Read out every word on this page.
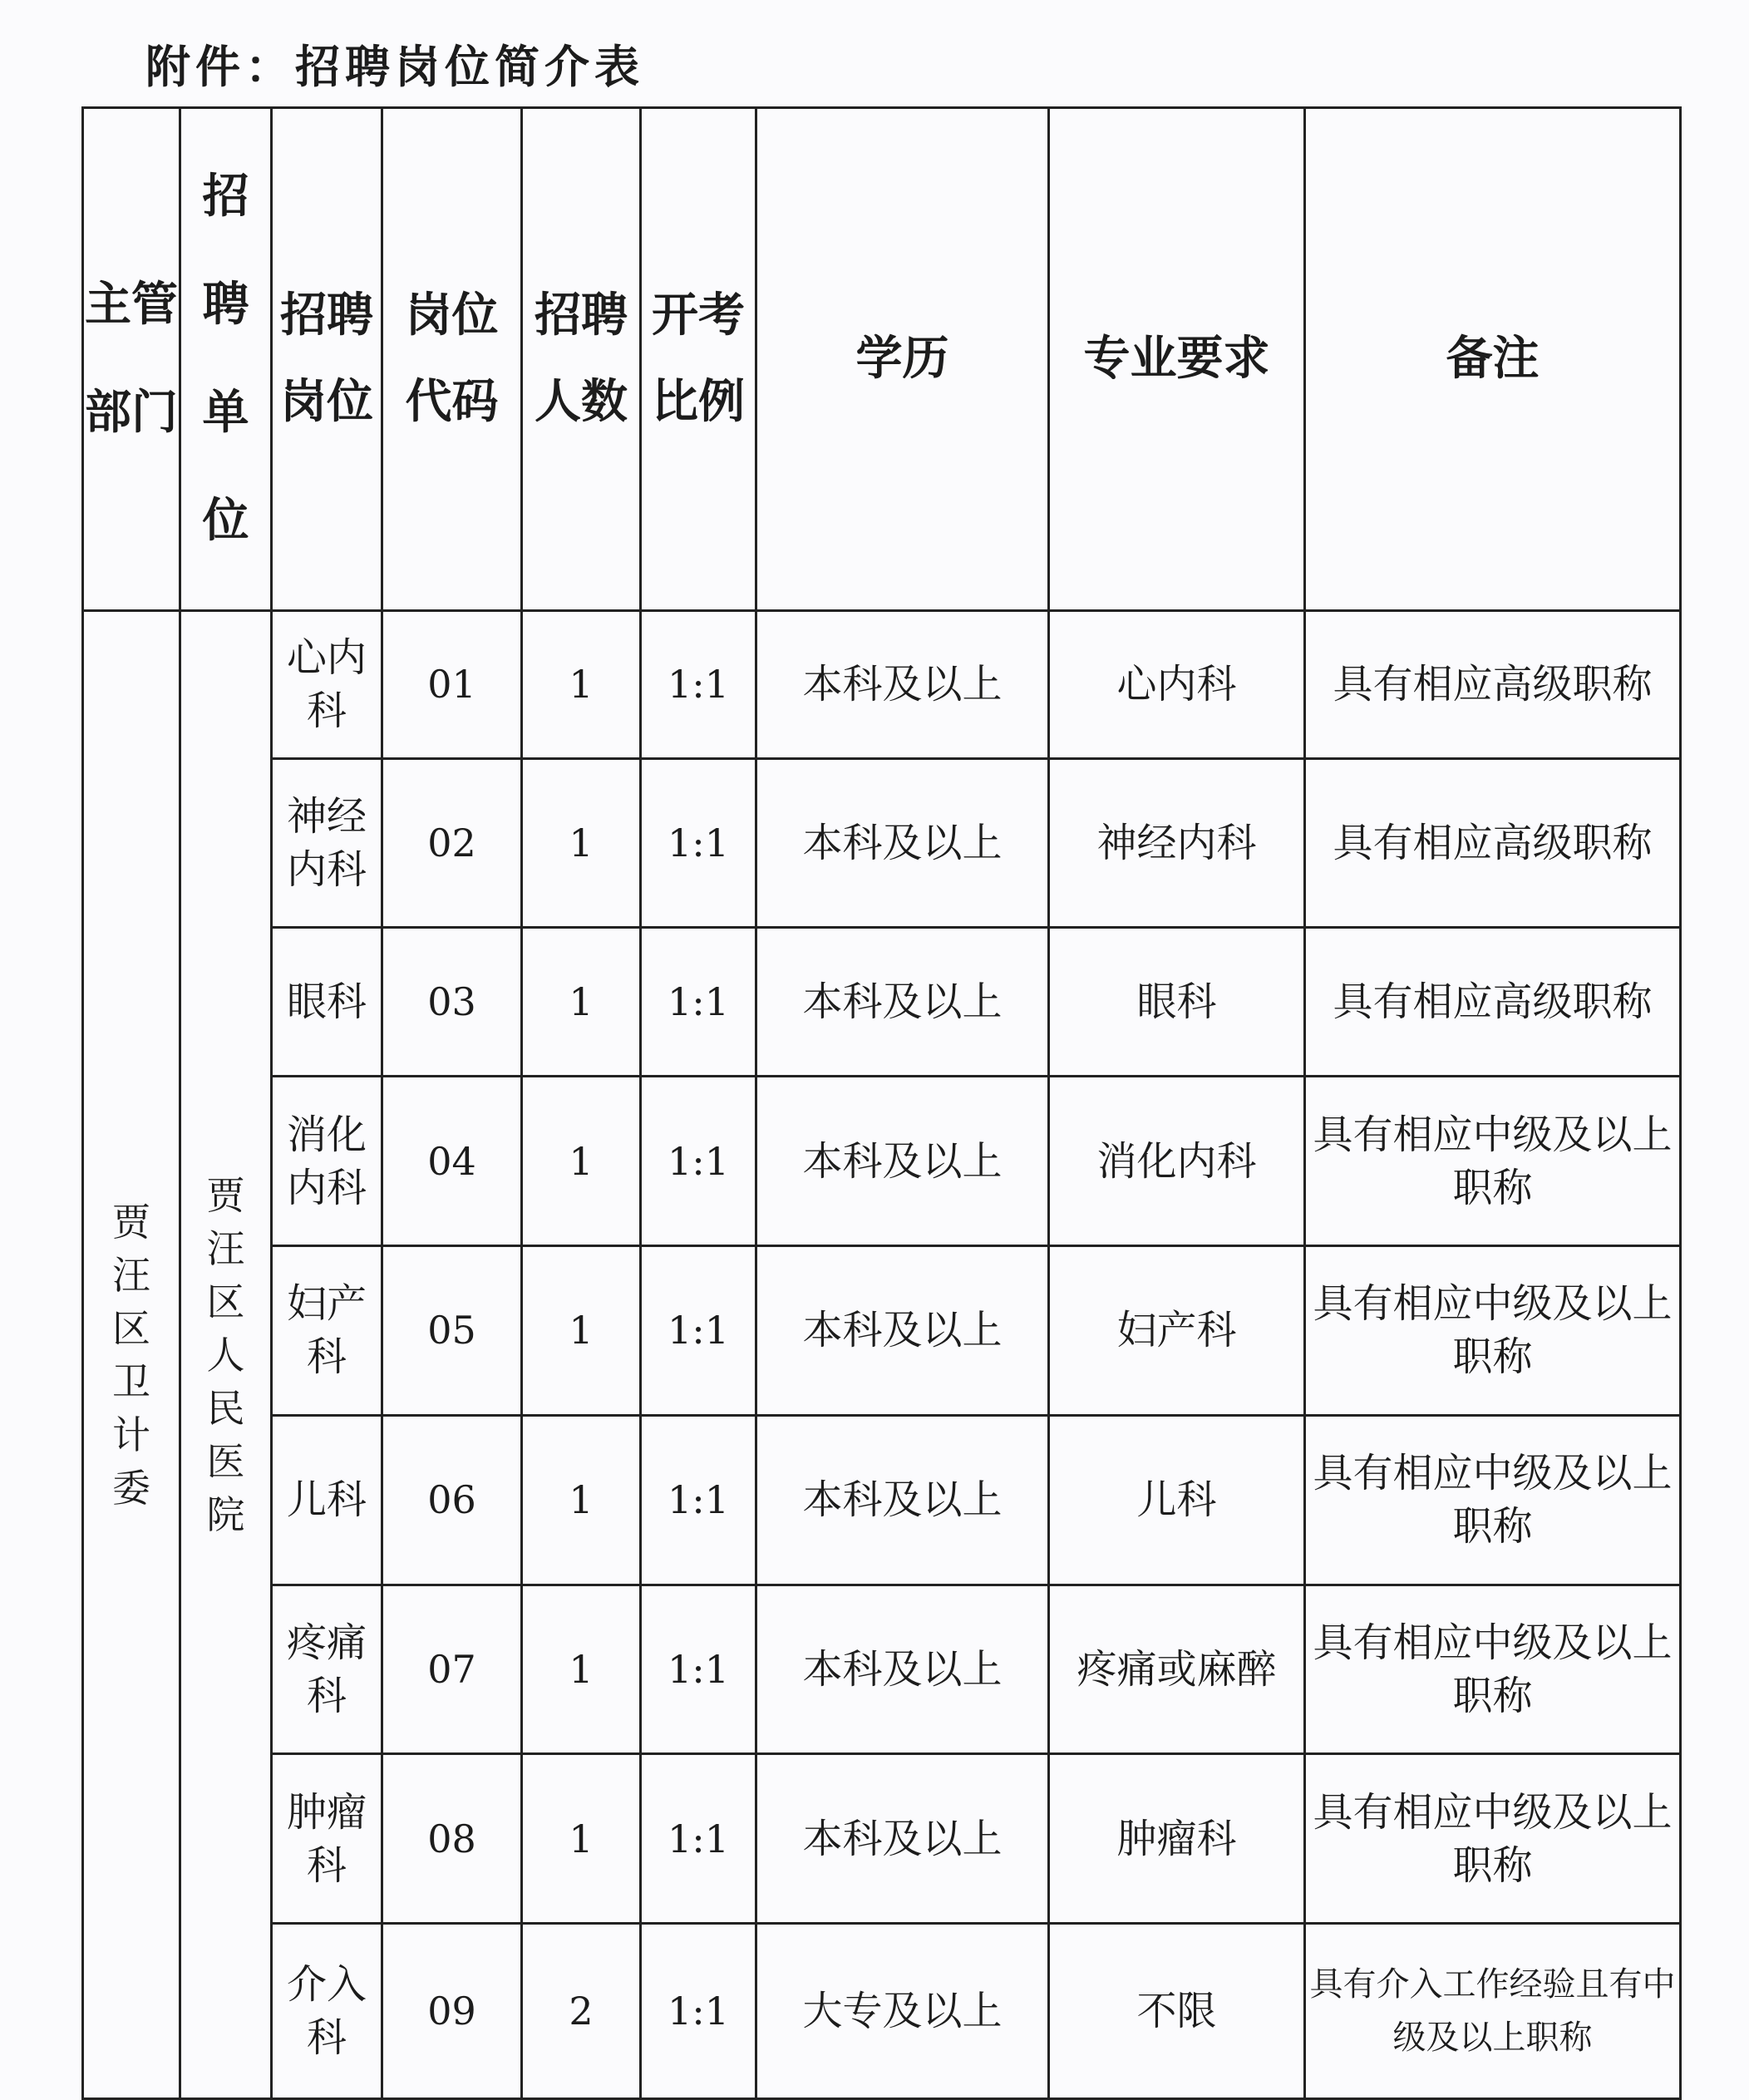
附件：招聘岗位简介表
主管部门	招聘单位	招聘岗位	岗位代码	招聘人数	开考比例	学历	专业要求	备注

贾汪区卫计委	贾汪区人民医院	心内科	01	1	1:1	本科及以上	心内科	具有相应高级职称
		神经内科	02	1	1:1	本科及以上	神经内科	具有相应高级职称
		眼科	03	1	1:1	本科及以上	眼科	具有相应高级职称
		消化内科	04	1	1:1	本科及以上	消化内科	具有相应中级及以上职称
		妇产科	05	1	1:1	本科及以上	妇产科	具有相应中级及以上职称
		儿科	06	1	1:1	本科及以上	儿科	具有相应中级及以上职称
		疼痛科	07	1	1:1	本科及以上	疼痛或麻醉	具有相应中级及以上职称
		肿瘤科	08	1	1:1	本科及以上	肿瘤科	具有相应中级及以上职称
		介入科	09	2	1:1	大专及以上	不限	具有介入工作经验且有中级及以上职称
